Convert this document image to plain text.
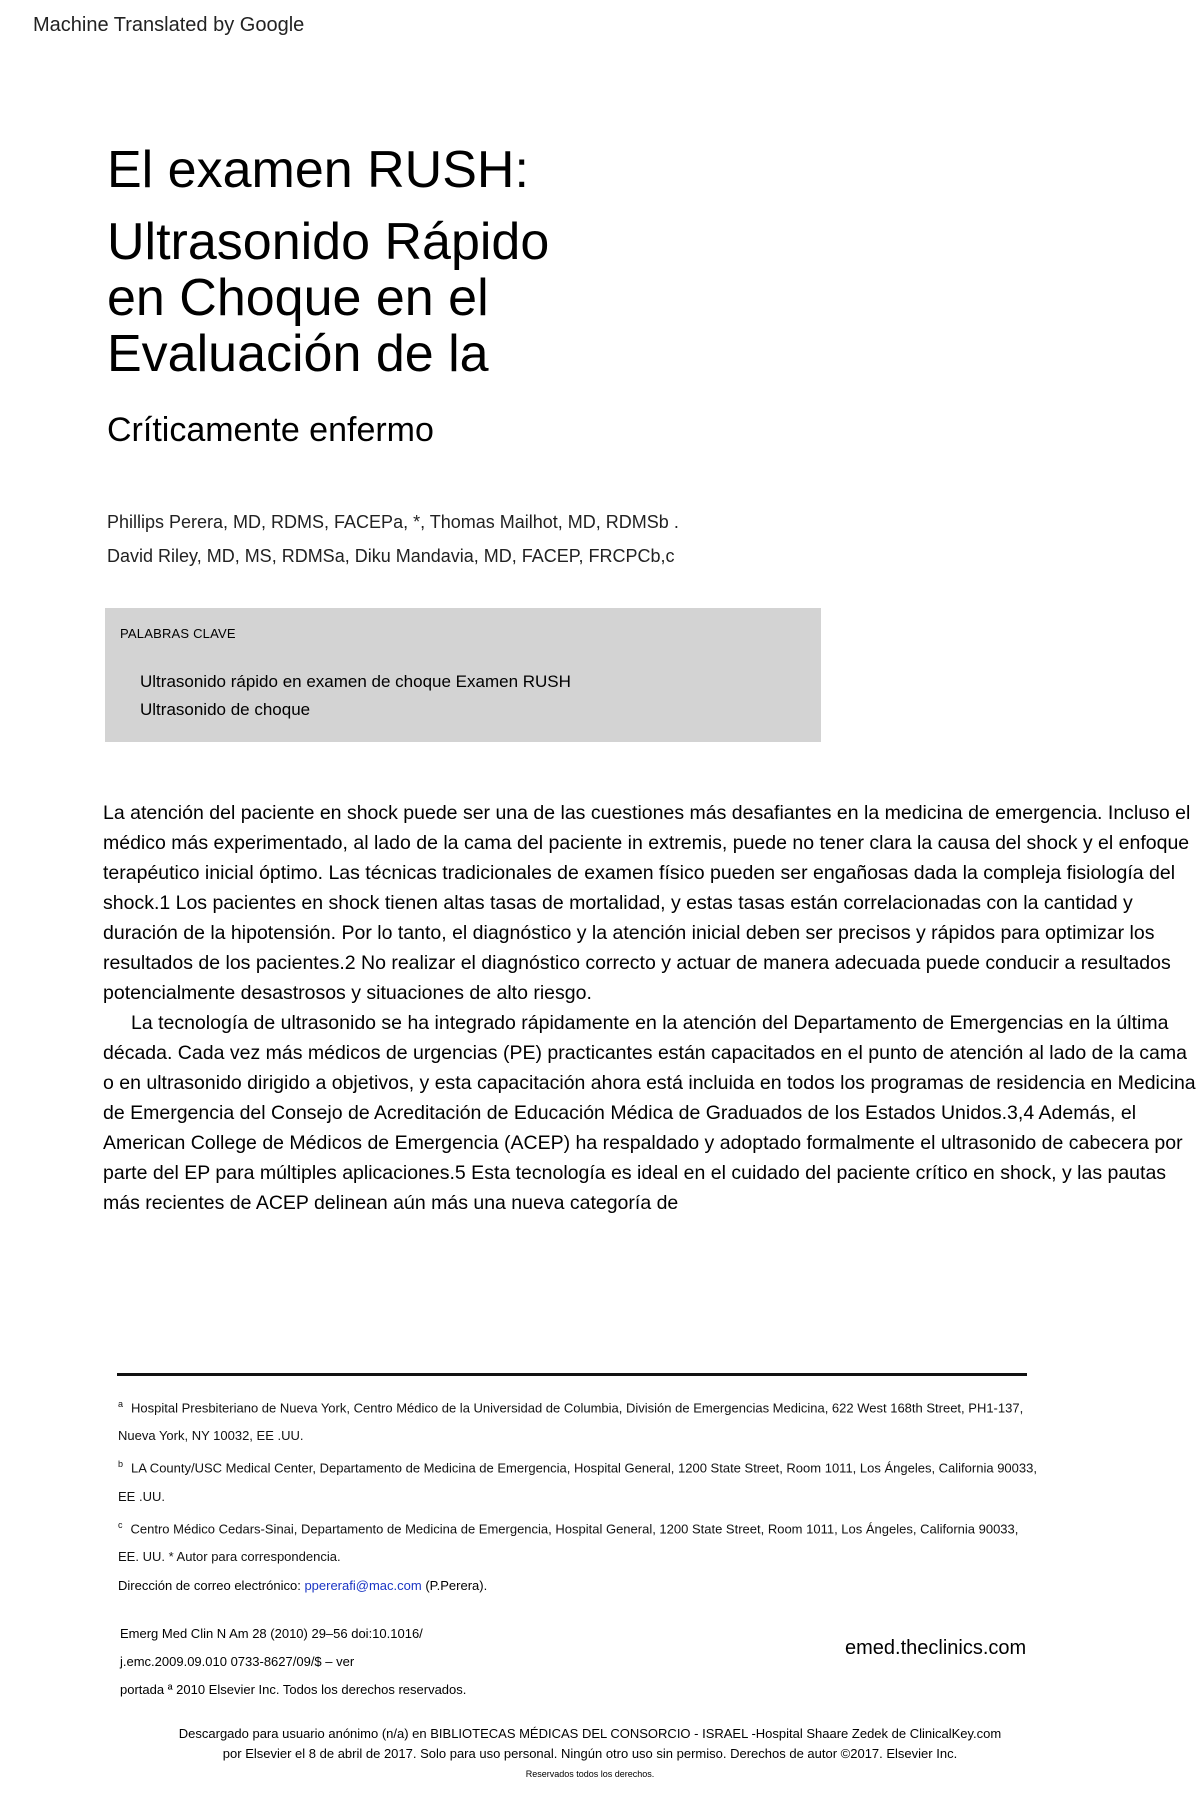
Machine Translated by Google
El examen RUSH:
Ultrasonido Rápido
en Choque en el
Evaluación de la
Críticamente enfermo
Phillips Perera, MD, RDMS, FACEPa, *, Thomas Mailhot, MD, RDMSb .
David Riley, MD, MS, RDMSa, Diku Mandavia, MD, FACEP, FRCPCb,c
PALABRAS CLAVE
Ultrasonido rápido en examen de choque Examen RUSH
Ultrasonido de choque

La atención del paciente en shock puede ser una de las cuestiones más desafiantes en la medicina de emergencia. Incluso el médico más experimentado, al lado de la cama del paciente in extremis, puede no tener clara la causa del shock y el enfoque terapéutico inicial óptimo. Las técnicas tradicionales de examen físico pueden ser engañosas dada la compleja fisiología del shock.1 Los pacientes en shock tienen altas tasas de mortalidad, y estas tasas están correlacionadas con la cantidad y duración de la hipotensión. Por lo tanto, el diagnóstico y la atención inicial deben ser precisos y rápidos para optimizar los resultados de los pacientes.2 No realizar el diagnóstico correcto y actuar de manera adecuada puede conducir a resultados potencialmente desastrosos y situaciones de alto riesgo.

La tecnología de ultrasonido se ha integrado rápidamente en la atención del Departamento de Emergencias en la última década. Cada vez más médicos de urgencias (PE) practicantes están capacitados en el punto de atención al lado de la cama o en ultrasonido dirigido a objetivos, y esta capacitación ahora está incluida en todos los programas de residencia en Medicina de Emergencia del Consejo de Acreditación de Educación Médica de Graduados de los Estados Unidos.3,4 Además, el American College de Médicos de Emergencia (ACEP) ha respaldado y adoptado formalmente el ultrasonido de cabecera por parte del EP para múltiples aplicaciones.5 Esta tecnología es ideal en el cuidado del paciente crítico en shock, y las pautas más recientes de ACEP delinean aún más una nueva categoría de

$^a$ Hospital Presbiteriano de Nueva York, Centro Médico de la Universidad de Columbia, División de Emergencias Medicina, 622 West 168th Street, PH1-137, Nueva York, NY 10032, EE .UU.

$^b$ LA County/USC Medical Center, Departamento de Medicina de Emergencia, Hospital General, 1200 State Street, Room 1011, Los Ángeles, California 90033, EE .UU.

$^c$ Centro Médico Cedars-Sinai, Departamento de Medicina de Emergencia, Hospital General, 1200 State Street, Room 1011, Los Ángeles, California 90033, EE. UU. * Autor para correspondencia.

Dirección de correo electrónico: ppererafi@mac.com (P.Perera).
Emerg Med Clin N Am 28 (2010) 29–56 doi:10.1016/
j.emc.2009.09.010 0733-8627/09/$ – ver
portada ª 2010 Elsevier Inc. Todos los derechos reservados.
emed.theclinics.com

Descargado para usuario anónimo (n/a) en BIBLIOTECAS MÉDICAS DEL CONSORCIO - ISRAEL -Hospital Shaare Zedek de ClinicalKey.com

por Elsevier el 8 de abril de 2017. Solo para uso personal. Ningún otro uso sin permiso. Derechos de autor ©2017. Elsevier Inc.

Reservados todos los derechos.
